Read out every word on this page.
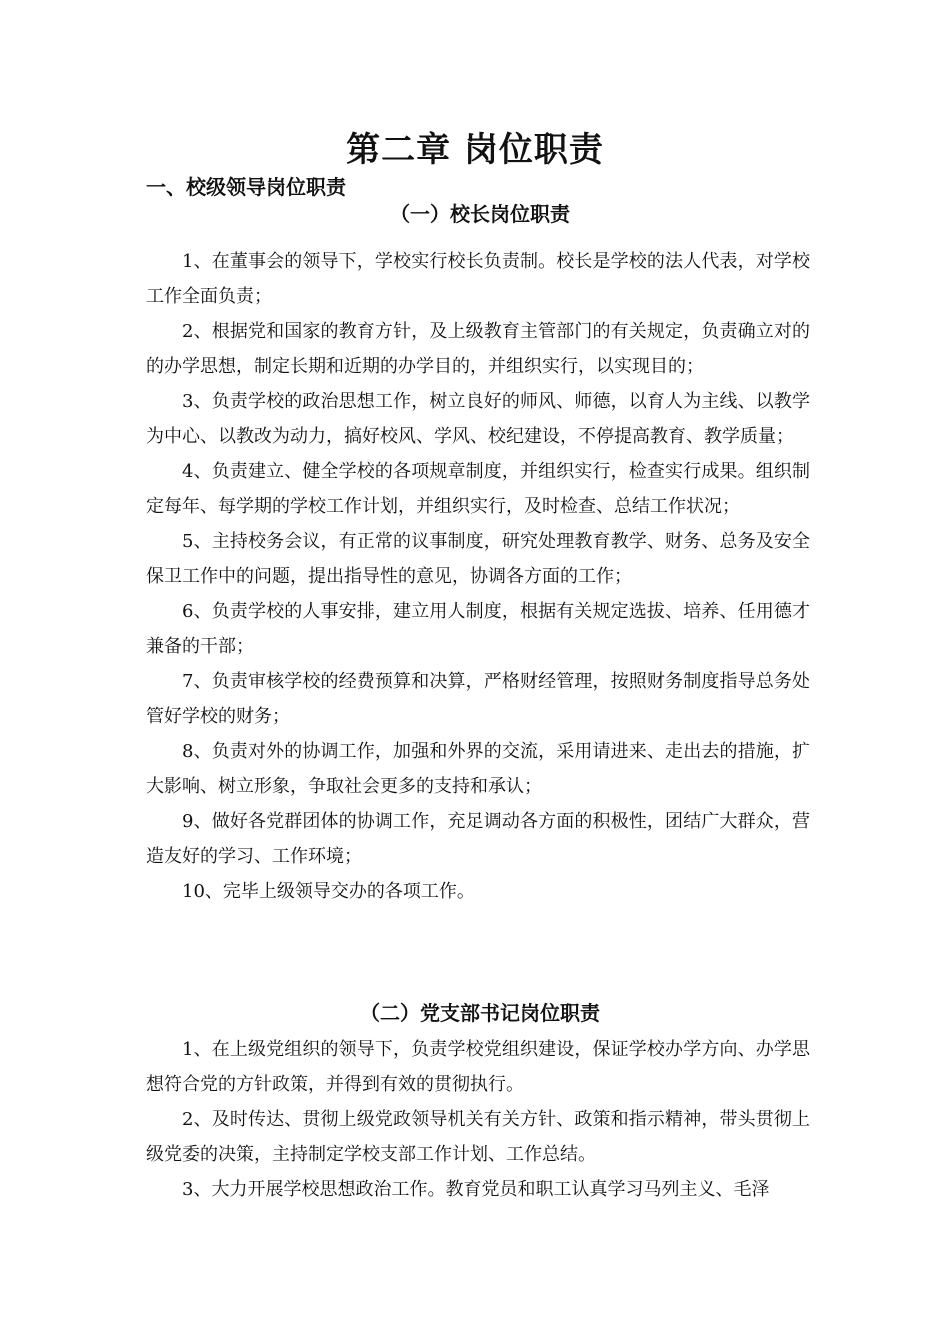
第二章 岗位职责
一、校级领导岗位职责
（一）校长岗位职责

1、在董事会的领导下，学校实行校长负责制。校长是学校的法人代表，对学校工作全面负责；

2、根据党和国家的教育方针，及上级教育主管部门的有关规定，负责确立对的的办学思想，制定长期和近期的办学目的，并组织实行，以实现目的；

3、负责学校的政治思想工作，树立良好的师风、师德，以育人为主线、以教学为中心、以教改为动力，搞好校风、学风、校纪建设，不停提高教育、教学质量；

4、负责建立、健全学校的各项规章制度，并组织实行，检查实行成果。组织制定每年、每学期的学校工作计划，并组织实行，及时检查、总结工作状况；

5、主持校务会议，有正常的议事制度，研究处理教育教学、财务、总务及安全保卫工作中的问题，提出指导性的意见，协调各方面的工作；

6、负责学校的人事安排，建立用人制度，根据有关规定选拔、培养、任用德才兼备的干部；

7、负责审核学校的经费预算和决算，严格财经管理，按照财务制度指导总务处管好学校的财务；

8、负责对外的协调工作，加强和外界的交流，采用请进来、走出去的措施，扩大影响、树立形象，争取社会更多的支持和承认；

9、做好各党群团体的协调工作，充足调动各方面的积极性，团结广大群众，营造友好的学习、工作环境；

10、完毕上级领导交办的各项工作。

（二）党支部书记岗位职责

1、在上级党组织的领导下，负责学校党组织建设，保证学校办学方向、办学思想符合党的方针政策，并得到有效的贯彻执行。

2、及时传达、贯彻上级党政领导机关有关方针、政策和指示精神，带头贯彻上级党委的决策，主持制定学校支部工作计划、工作总结。

3、大力开展学校思想政治工作。教育党员和职工认真学习马列主义、毛泽
